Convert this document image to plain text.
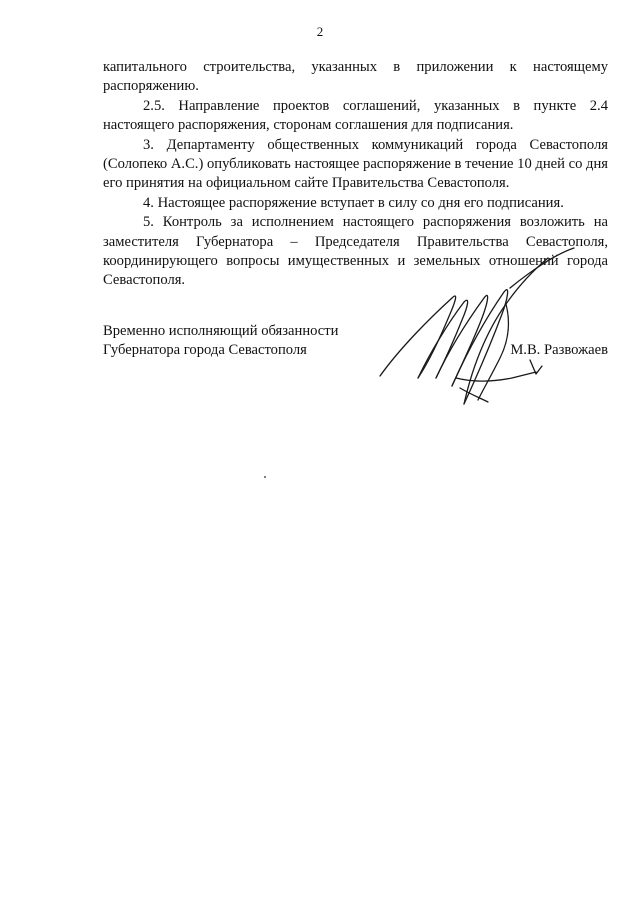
2

капитального строительства, указанных в приложении к настоящему распоряжению.

2.5. Направление проектов соглашений, указанных в пункте 2.4 настоящего распоряжения, сторонам соглашения для подписания.

3. Департаменту общественных коммуникаций города Севастополя (Солопеко А.С.) опубликовать настоящее распоряжение в течение 10 дней со дня его принятия на официальном сайте Правительства Севастополя.

4. Настоящее распоряжение вступает в силу со дня его подписания.

5. Контроль за исполнением настоящего распоряжения возложить на заместителя Губернатора – Председателя Правительства Севастополя, координирующего вопросы имущественных и земельных отношений города Севастополя.

Временно исполняющий обязанности
Губернатора города Севастополя	М.В. Развожаев
